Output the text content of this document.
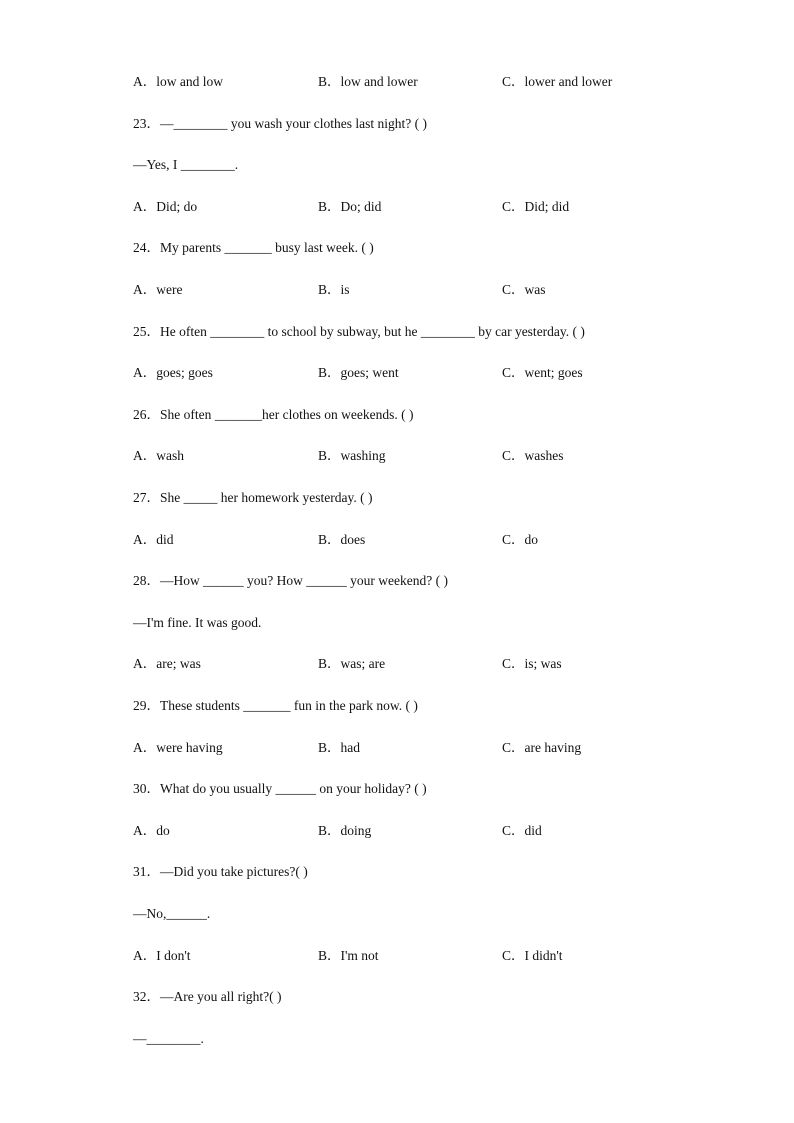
A．low and low	B．low and lower	C．lower and lower
23．—________ you wash your clothes last night? ( )
—Yes, I ________.
A．Did; do	B．Do; did	C．Did; did
24．My parents _______ busy last week. ( )
A．were	B．is	C．was
25．He often ________ to school by subway, but he ________ by car yesterday. ( )
A．goes; goes	B．goes; went	C．went; goes
26．She often _______her clothes on weekends. ( )
A．wash	B．washing	C．washes
27．She _____ her homework yesterday. ( )
A．did	B．does	C．do
28．—How ______ you? How ______ your weekend? ( )
—I'm fine. It was good.
A．are; was	B．was; are	C．is; was
29．These students _______ fun in the park now. ( )
A．were having	B．had	C．are having
30．What do you usually ______ on your holiday? ( )
A．do	B．doing	C．did
31．—Did you take pictures?( )
—No,______.
A．I don't	B．I'm not	C．I didn't
32．—Are you all right?( )
—________.
